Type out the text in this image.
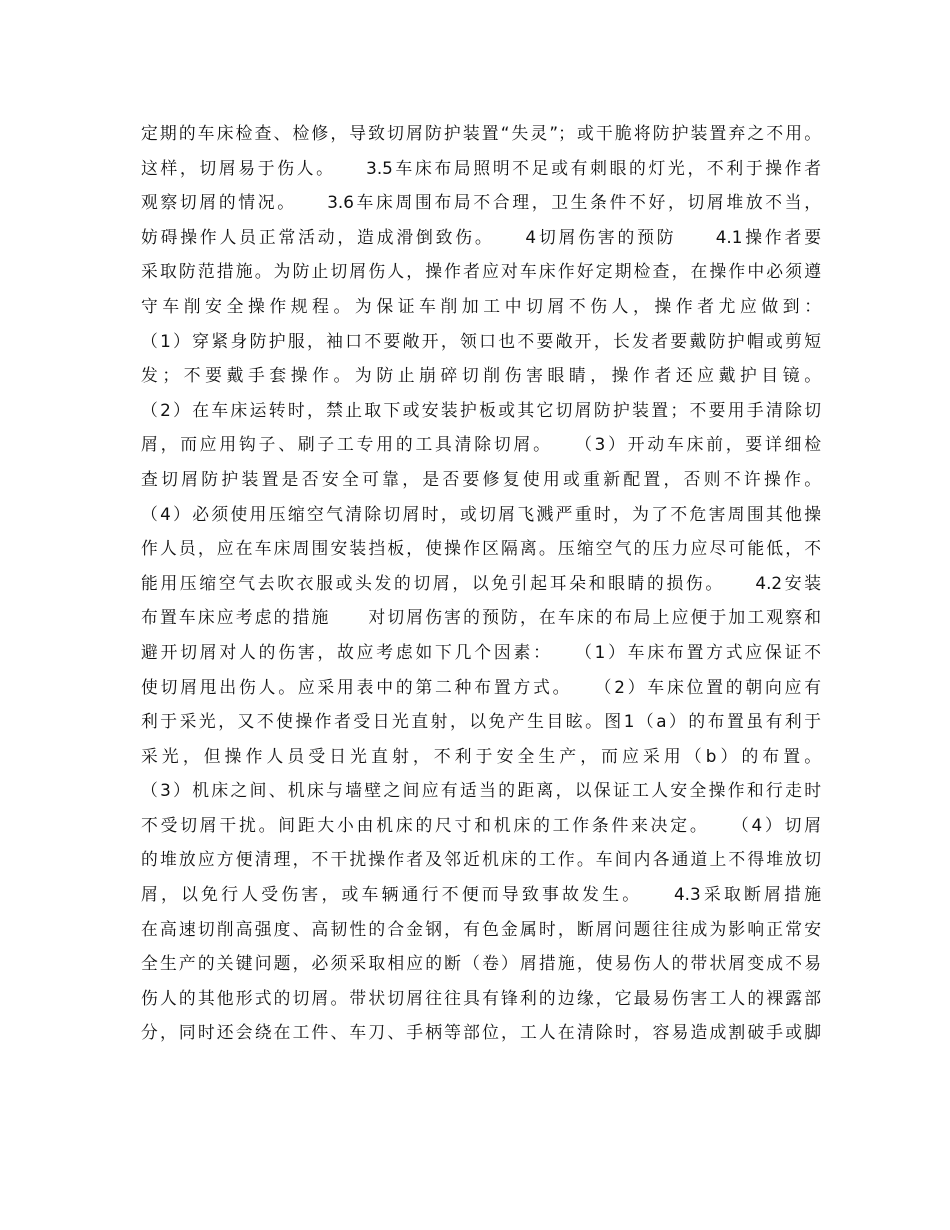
定期的车床检查、检修，导致切屑防护装置“失灵”；或干脆将防护装置弃之不用。
这样，切屑易于伤人。　　3.5车床布局照明不足或有刺眼的灯光，不利于操作者
观察切屑的情况。　　3.6车床周围布局不合理，卫生条件不好，切屑堆放不当，
妨碍操作人员正常活动，造成滑倒致伤。　　4切屑伤害的预防　　4.1操作者要
采取防范措施。为防止切屑伤人，操作者应对车床作好定期检查，在操作中必须遵
守车削安全操作规程。为保证车削加工中切屑不伤人，操作者尤应做到：
（1）穿紧身防护服，袖口不要敞开，领口也不要敞开，长发者要戴防护帽或剪短
发；不要戴手套操作。为防止崩碎切削伤害眼睛，操作者还应戴护目镜。
（2）在车床运转时，禁止取下或安装护板或其它切屑防护装置；不要用手清除切
屑，而应用钩子、刷子工专用的工具清除切屑。　　（3）开动车床前，要详细检
查切屑防护装置是否安全可靠，是否要修复使用或重新配置，否则不许操作。
（4）必须使用压缩空气清除切屑时，或切屑飞溅严重时，为了不危害周围其他操
作人员，应在车床周围安装挡板，使操作区隔离。压缩空气的压力应尽可能低，不
能用压缩空气去吹衣服或头发的切屑，以免引起耳朵和眼睛的损伤。　　4.2安装
布置车床应考虑的措施　　对切屑伤害的预防，在车床的布局上应便于加工观察和
避开切屑对人的伤害，故应考虑如下几个因素：　　（1）车床布置方式应保证不
使切屑甩出伤人。应采用表中的第二种布置方式。　　（2）车床位置的朝向应有
利于采光，又不使操作者受日光直射，以免产生目眩。图1（a）的布置虽有利于
采光，但操作人员受日光直射，不利于安全生产，而应采用（b）的布置。
（3）机床之间、机床与墙壁之间应有适当的距离，以保证工人安全操作和行走时
不受切屑干扰。间距大小由机床的尺寸和机床的工作条件来决定。　　（4）切屑
的堆放应方便清理，不干扰操作者及邻近机床的工作。车间内各通道上不得堆放切
屑，以免行人受伤害，或车辆通行不便而导致事故发生。　　4.3采取断屑措施
在高速切削高强度、高韧性的合金钢，有色金属时，断屑问题往往成为影响正常安
全生产的关键问题，必须采取相应的断（卷）屑措施，使易伤人的带状屑变成不易
伤人的其他形式的切屑。带状切屑往往具有锋利的边缘，它最易伤害工人的裸露部
分，同时还会绕在工件、车刀、手柄等部位，工人在清除时，容易造成割破手或脚
